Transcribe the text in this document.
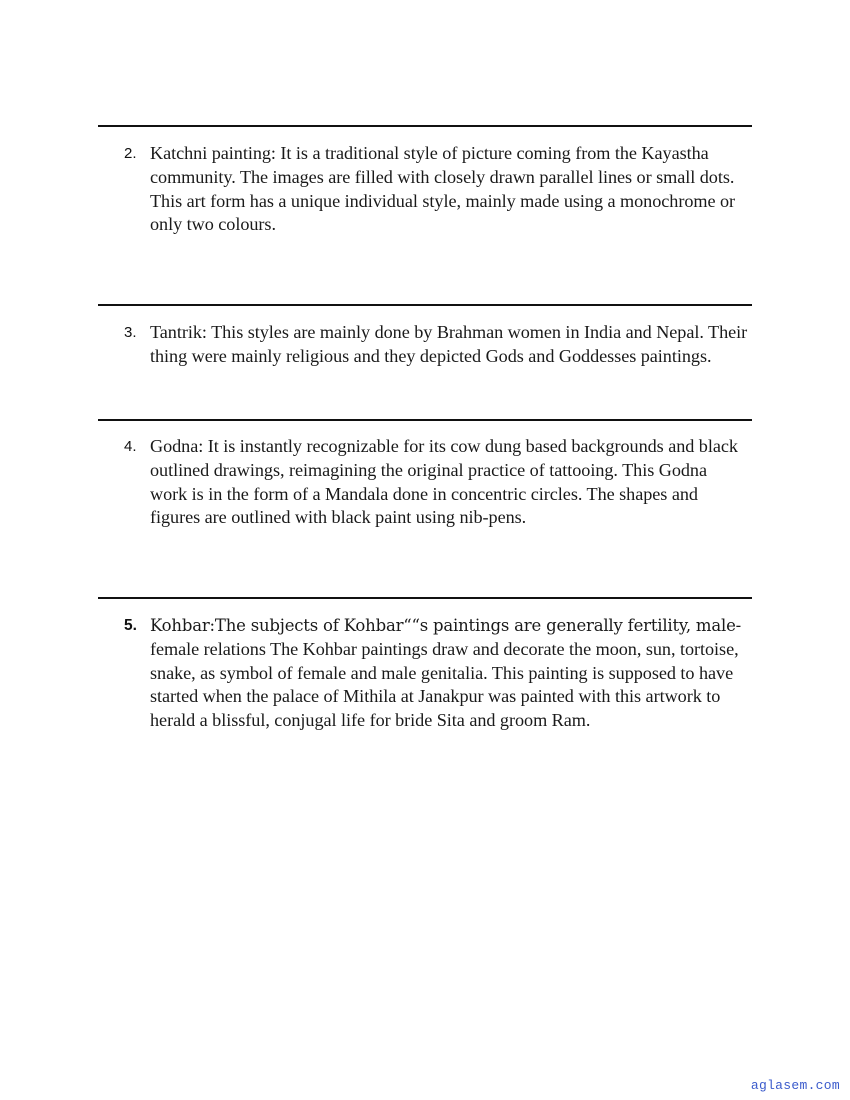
2. Katchni painting: It is a traditional style of picture coming from the Kayastha community. The images are filled with closely drawn parallel lines or small dots. This art form has a unique individual style, mainly made using a monochrome or only two colours.
3. Tantrik: This styles are mainly done by Brahman women in India and Nepal. Their thing were mainly religious and they depicted Gods and Goddesses paintings.
4. Godna: It is instantly recognizable for its cow dung based backgrounds and black outlined drawings, reimagining the original practice of tattooing. This Godna work is in the form of a Mandala done in concentric circles. The shapes and figures are outlined with black paint using nib-pens.
5. Kohbar:The subjects of Kohbar““s paintings are generally fertility, male- female relations The Kohbar paintings draw and decorate the moon, sun, tortoise, snake, as symbol of female and male genitalia. This painting is supposed to have started when the palace of Mithila at Janakpur was painted with this artwork to herald a blissful, conjugal life for bride Sita and groom Ram.
aglasem.com
